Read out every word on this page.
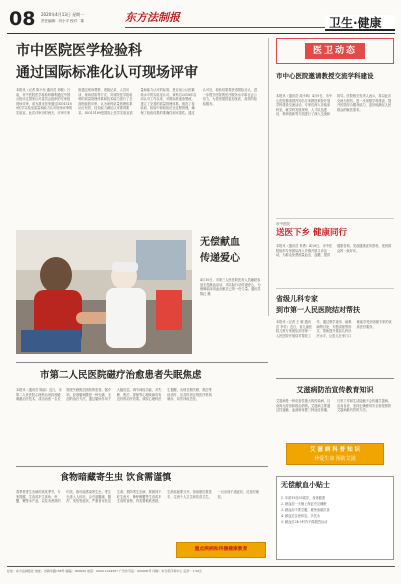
08 2020年4月13日 星期一
责任编辑：冯小平 校对：陈	东方法制报	卫生·健康
市中医院医学检验科
通过国际标准化认可现场评审
本报讯（记者 陈小东 通讯员 刘敏）日前，市中医院医学检验科顺利通过中国合格评定国家认可委员会组织的专家组现场评审，成为我市首家通过ISO15189医学实验室质量和能力认可现场评审的实验室。此次评审历时两天，评审专家组通过现场观察、查阅记录、人员访谈、现场试验等方式，对该院医学检验科的质量管理体系和技术能力进行了全面细致的评审，认为该科质量管理体系运行有效，技术能力满足认可准则要求。ISO15189是国际上医学实验室质量和能力认可的标准，是目前公认的最高水平的实验室认可。该科自2018年启动认可工作以来，对照标准逐条整改，建立了完善的质量管理体系，规范了检验前、检验中和检验后全过程管理，确保了检验结果的准确性和可靠性。通过认可后，检验结果将获得国际互认，进一步提升医院的医疗服务水平和社会公信力，为患者提供更加优质、高效的检验服务。
无偿献血
传递爱心
4月10日，市第三人民医院医务人员踊跃参加无偿献血活动，用实际行动传递爱心，为保障临床用血贡献自己的一份力量。通讯员 陈红 摄
医卫动态
市中心医院邀请教授交流学科建设
本报讯（通讯员 周小鸣）4月9日，市中心医院邀请国内知名专家教授来院开展学科建设交流活动，专家们深入各临床科室，就学科发展规划、人才队伍建设、科研创新等方面进行了深入交流和指导。医院相关负责人表示，将以此次交流为契机，进一步加强学科建设，提升医院综合服务能力，更好地满足人民群众的就医需求。
市中医院
送医下乡 健康同行
本报讯（通讯员 肖勇）4月8日，市中医院组织专家团队深入乡镇开展义诊活动，为群众免费测量血压、血糖，提供健康咨询，发放健康宣传资料，受到群众的一致好评。
省级儿科专家
到市第一人民医院结对帮扶
本报讯（记者 王 敏 通讯员 李芳）近日，省儿童医院儿科专家团队到市第一人民医院开展结对帮扶工作，通过教学查房、疑难病例讨论、专题讲座等形式，帮助提升基层儿科诊疗水平，让患儿在家门口就能享受到省级专家的优质医疗服务。
市第二人民医院磁疗治愈患者失眠焦虑
本报讯（通讯员 陈丽）近日，市第二人民医院心理科运用经颅磁刺激治疗技术，成功治愈一名长期受失眠焦虑困扰的患者。据介绍，经颅磁刺激是一种无痛、无创的治疗方法，通过磁场作用于大脑皮层，调节神经功能，对失眠、焦虑、抑郁等心理疾病具有良好的治疗效果。该院心理科医生提醒，出现长期失眠、焦虑等症状时，应及时到正规医疗机构就诊，切勿讳疾忌医。
艾滋病防治宣传教育知识
艾滋病是一种危害性极大的传染病，目前尚无疫苗和根治药物。艾滋病主要通过性接触、血液和母婴三种途径传播，日常工作和生活接触不会传播艾滋病。洁身自爱、坚持正确使用安全套是预防艾滋病最有效的方法。
艾 滋 病 科 普 知 识
珍爱生命 预防艾滋
食物暗藏寄生虫 饮食需谨慎
春季是寄生虫病的高发季节，专家提醒，生食或半生食鱼、虾、蟹、螺等水产品，以及未煮熟的肉类，都可能感染寄生虫。寄生虫进入人体后，会引起腹痛、腹泻、发热等症状，严重者可危及生命。预防寄生虫病，要做到不吃生鱼片、醉虾醉蟹等生食或半生食的食物，肉类要彻底煮熟，生熟砧板要分开，饭前便后要洗手，注意个人卫生和饮食卫生。一旦出现不适症状，应及时就医。
重点疾病和传播健康教育
无偿献血小贴士
1. 年龄18至55周岁，身体健康
2. 献血前一天晚上保证充足睡眠
3. 献血前不要空腹，避免油腻饮食
4. 献血后注意休息，多饮水
5. 献血后24小时内不做剧烈运动
社址：东方法制报社 地址：市新华路188号 邮编：000000 电话：0000-1234567 广告许可证：000000号 印刷：市日报印务中心 定价：1.50元
